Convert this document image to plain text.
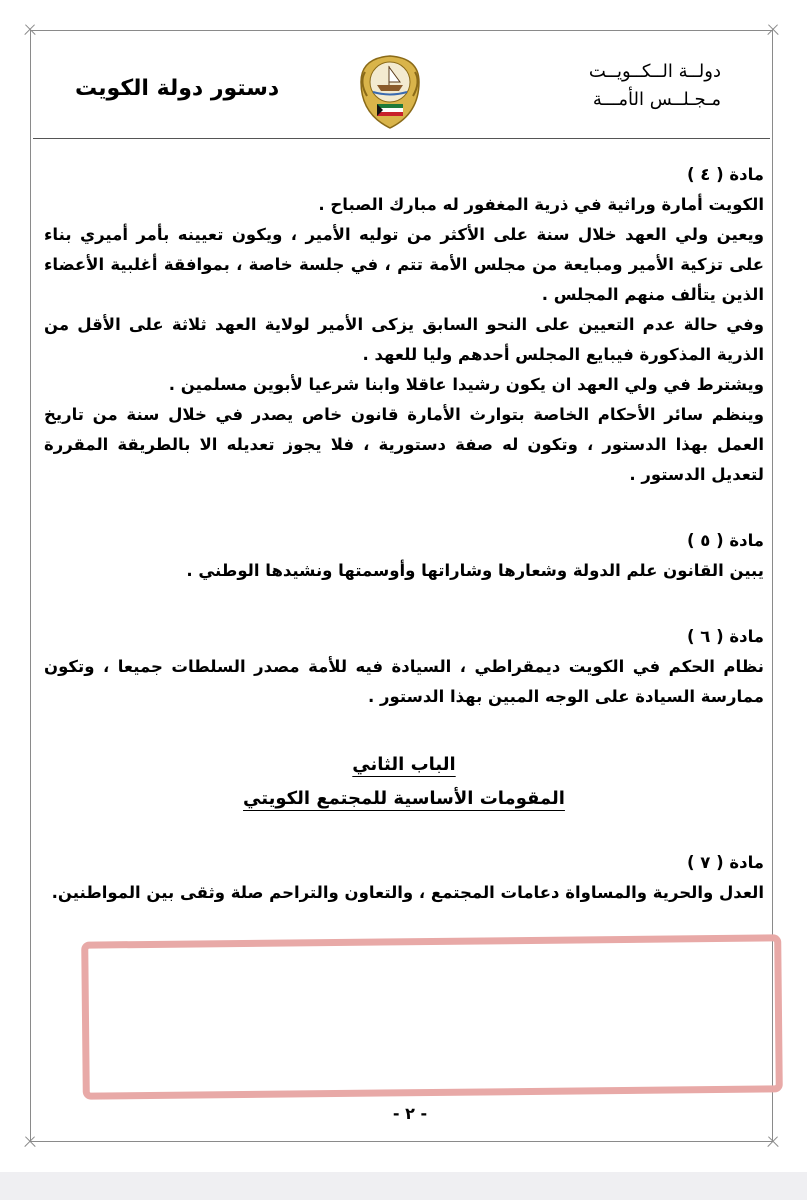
دستور دولة الكويت
دولــة الــكــويــت
مـجـلــس الأمـــة

مادة ( ٤ )

الكويت أمارة وراثية في ذرية المغفور له مبارك الصباح .

ويعين ولي العهد خلال سنة على الأكثر من توليه الأمير ، ويكون تعيينه بأمر أميري بناء على تزكية الأمير ومبايعة من مجلس الأمة تتم ، في جلسة خاصة ، بموافقة أغلبية الأعضاء الذين يتألف منهم المجلس .

وفي حالة عدم التعيين على النحو السابق يزكى الأمير لولاية العهد ثلاثة على الأقل من الذرية المذكورة فيبايع المجلس أحدهم وليا للعهد .

ويشترط في ولي العهد ان يكون رشيدا عاقلا وابنا شرعيا لأبوين مسلمين .

وينظم سائر الأحكام الخاصة بتوارث الأمارة قانون خاص يصدر في خلال سنة من تاريخ العمل بهذا الدستور ، وتكون له صفة دستورية ، فلا يجوز تعديله الا بالطريقة المقررة لتعديل الدستور .

مادة ( ٥ )

يبين القانون علم الدولة وشعارها وشاراتها وأوسمتها ونشيدها الوطني .

مادة ( ٦ )

نظام الحكم في الكويت ديمقراطي ، السيادة فيه للأمة مصدر السلطات جميعا ، وتكون ممارسة السيادة على الوجه المبين بهذا الدستور .

الباب الثاني

المقومات الأساسية للمجتمع الكويتي

مادة ( ٧ )

العدل والحرية والمساواة دعامات المجتمع ، والتعاون والتراحم صلة وثقى بين المواطنين.

- ٢ -
